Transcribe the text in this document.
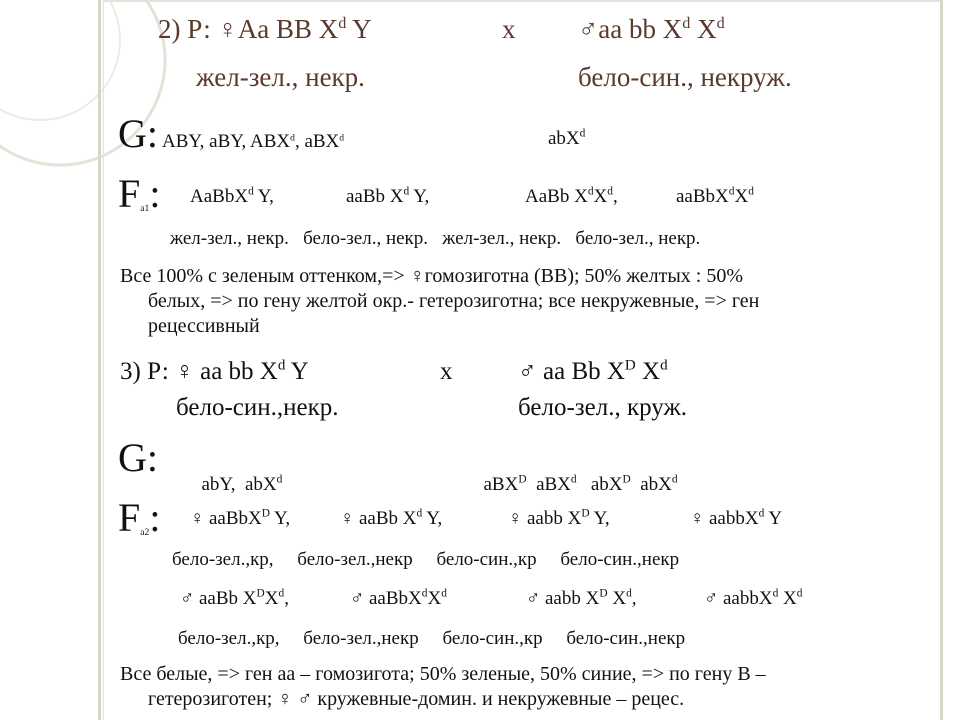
2) Р: ♀Aa BB $X^d$ Y	x ♂aa bb $X^d$ $X^d$
жел-зел., некр.	бело-син., некруж.
G: ABY, aBY, ABX$^d$, aBX$^d$	abX$^d$
$F_{a1}$: AaBbX$^d$ Y,	aaBb $X^d$ Y,	AaBb $X^dX^d$,	$aaBbX^dX^d$
жел-зел., некр.   бело-зел., некр.   жел-зел., некр.   бело-зел., некр.
Все 100% с зеленым оттенком,=> ♀гомозиготна (BB); 50% желтых : 50%

белых, => по гену желтой окр.- гетерозиготна; все некружевные, => ген
рецессивный
3) Р: ♀ aa bb $X^d$ Y	x	♂ aa Bb $X^D$ $X^d$
бело-син.,некр.	бело-зел., круж.
G:

abY,  abX$^d$	aBX$^D$  aBX$^d$   abX$^D$  abX$^d$

$F_{a2}$: ♀ aaBbX$^D$ Y,	♀ aaBb $X^d$ Y,	♀ aabb $X^D$ Y,	♀ aabbX$^d$ Y
бело-зел.,кр,     бело-зел.,некр     бело-син.,кр     бело-син.,некр
♂ aaBb $X^DX^d$,	♂ $aaBbX^dX^d$	♂ aabb $X^D$ $X^d$,	♂ aabbX$^d$ $X^d$
бело-зел.,кр,     бело-зел.,некр     бело-син.,кр     бело-син.,некр
Все белые, => ген аа – гомозигота; 50% зеленые, 50% синие, => по гену В –

гетерозиготен; ♀ ♂ кружевные-домин. и некружевные – рецес.
